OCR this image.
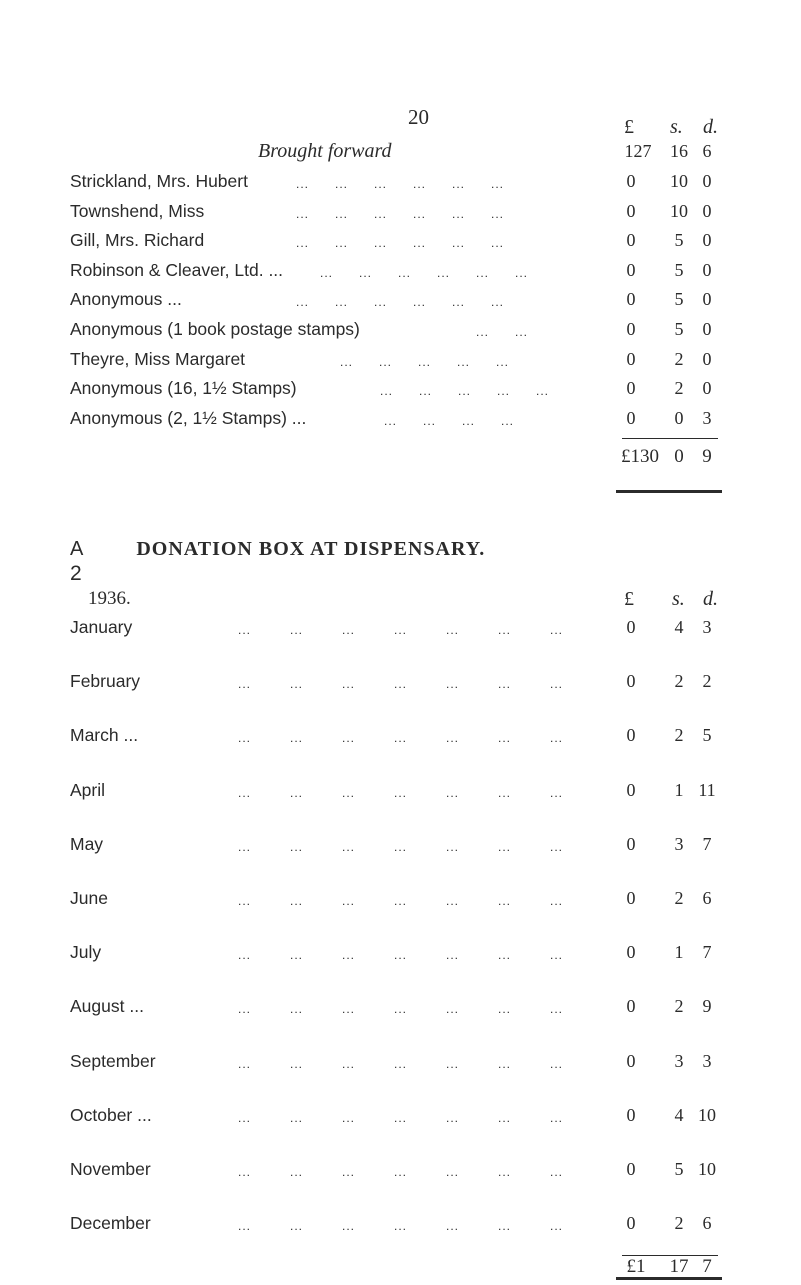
20	£ s. d.
Brought forward	127	16 6
Strickland, Mrs. Hubert	...  ...  ...  ...  ...  ...	0	10 0
Townshend, Miss	...  ...  ...  ...  ...  ...	0	10 0
Gill, Mrs. Richard	...  ...  ...  ...  ...  ...	0	5	0
Robinson & Cleaver, Ltd. ...	...  ...  ...  ...  ...  ...	0	5	0
Anonymous ...	...  ...  ...  ...  ...  ...	0	5	0
Anonymous (1 book postage stamps)	...  ...	0	5	0
Theyre, Miss Margaret	...  ...  ...  ...  ...	0	2	0
Anonymous (16, 1½ Stamps)	...  ...  ...  ...  ...	0	2	0
Anonymous (2, 1½ Stamps) ...	...  ...  ...  ...	0	0	3
£130 0 9
A	DONATION BOX AT DISPENSARY.
2
1936.	£ s. d.
January	...   ...   ...   ...   ...   ...   ...	0	4	3
February	...   ...   ...   ...   ...   ...   ...	0	2	2
March ...	...   ...   ...   ...   ...   ...   ...	0	2	5
April	...   ...   ...   ...   ...   ...   ...	0	1 11
May	...   ...   ...   ...   ...   ...   ...	0	3	7
June	...   ...   ...   ...   ...   ...   ...	0	2	6
July	...   ...   ...   ...   ...   ...   ...	0	1	7
August ...	...   ...   ...   ...   ...   ...   ...	0	2	9
September	...   ...   ...   ...   ...   ...   ...	0	3	3
October ...	...   ...   ...   ...   ...   ...   ...	0	4 10
November	...   ...   ...   ...   ...   ...   ...	0	5 10
December	...   ...   ...   ...   ...   ...   ...	0	2	6
£1	17 7
